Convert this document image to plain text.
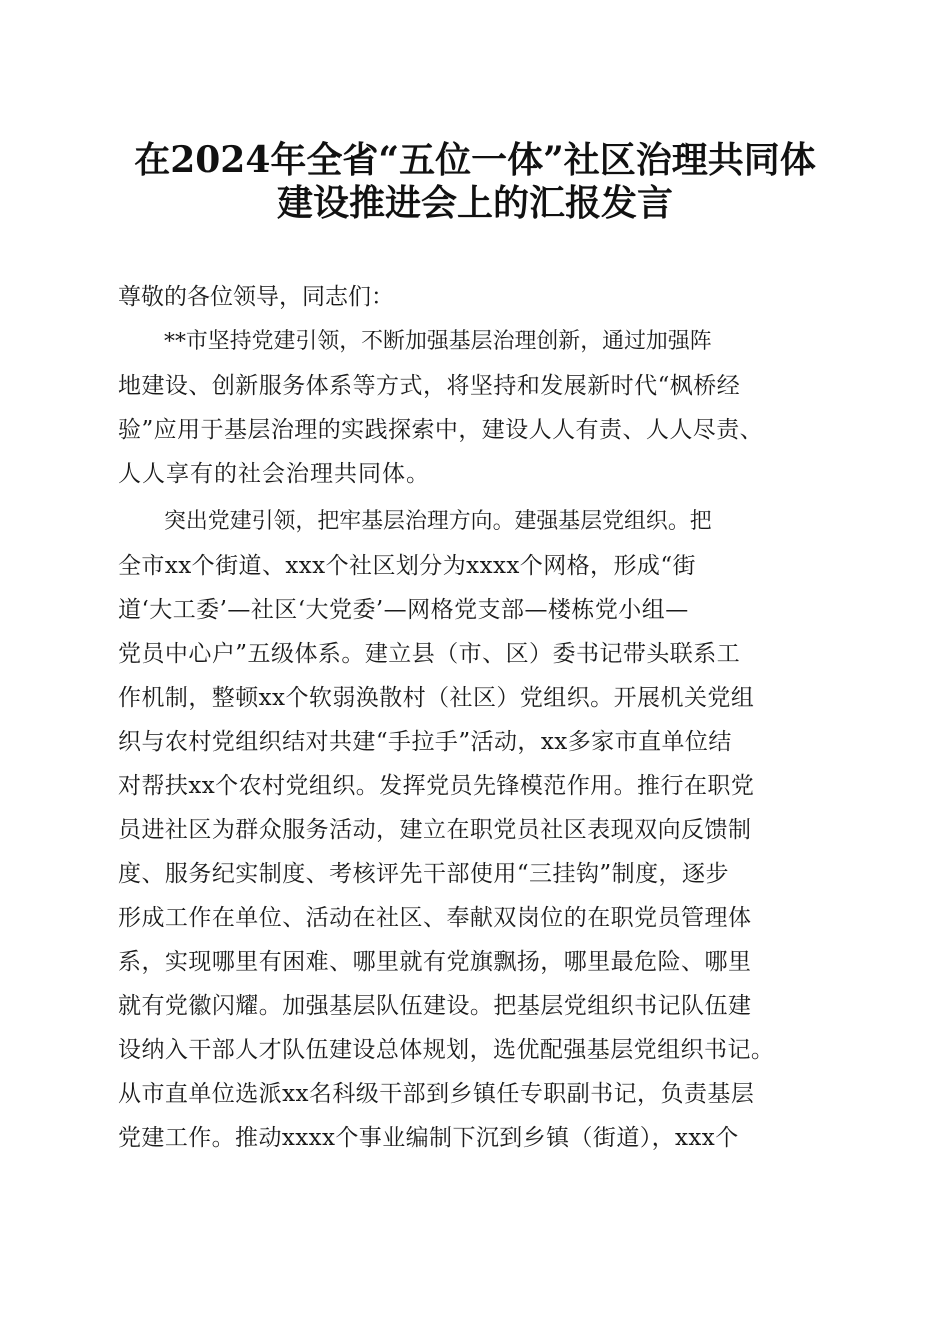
在2024年全省“五位一体”社区治理共同体
建设推进会上的汇报发言
尊敬的各位领导，同志们：
**市坚持党建引领，不断加强基层治理创新，通过加强阵
地建设、创新服务体系等方式，将坚持和发展新时代“枫桥经
验”应用于基层治理的实践探索中，建设人人有责、人人尽责、
人人享有的社会治理共同体。
突出党建引领，把牢基层治理方向。建强基层党组织。把
全市xx个街道、xxx个社区划分为xxxx个网格，形成“街
道‘大工委’—社区‘大党委’—网格党支部—楼栋党小组—
党员中心户”五级体系。建立县（市、区）委书记带头联系工
作机制，整顿xx个软弱涣散村（社区）党组织。开展机关党组
织与农村党组织结对共建“手拉手”活动，xx多家市直单位结
对帮扶xx个农村党组织。发挥党员先锋模范作用。推行在职党
员进社区为群众服务活动，建立在职党员社区表现双向反馈制
度、服务纪实制度、考核评先干部使用“三挂钩”制度，逐步
形成工作在单位、活动在社区、奉献双岗位的在职党员管理体
系，实现哪里有困难、哪里就有党旗飘扬，哪里最危险、哪里
就有党徽闪耀。加强基层队伍建设。把基层党组织书记队伍建
设纳入干部人才队伍建设总体规划，选优配强基层党组织书记。
从市直单位选派xx名科级干部到乡镇任专职副书记，负责基层
党建工作。推动xxxx个事业编制下沉到乡镇（街道），xxx个
